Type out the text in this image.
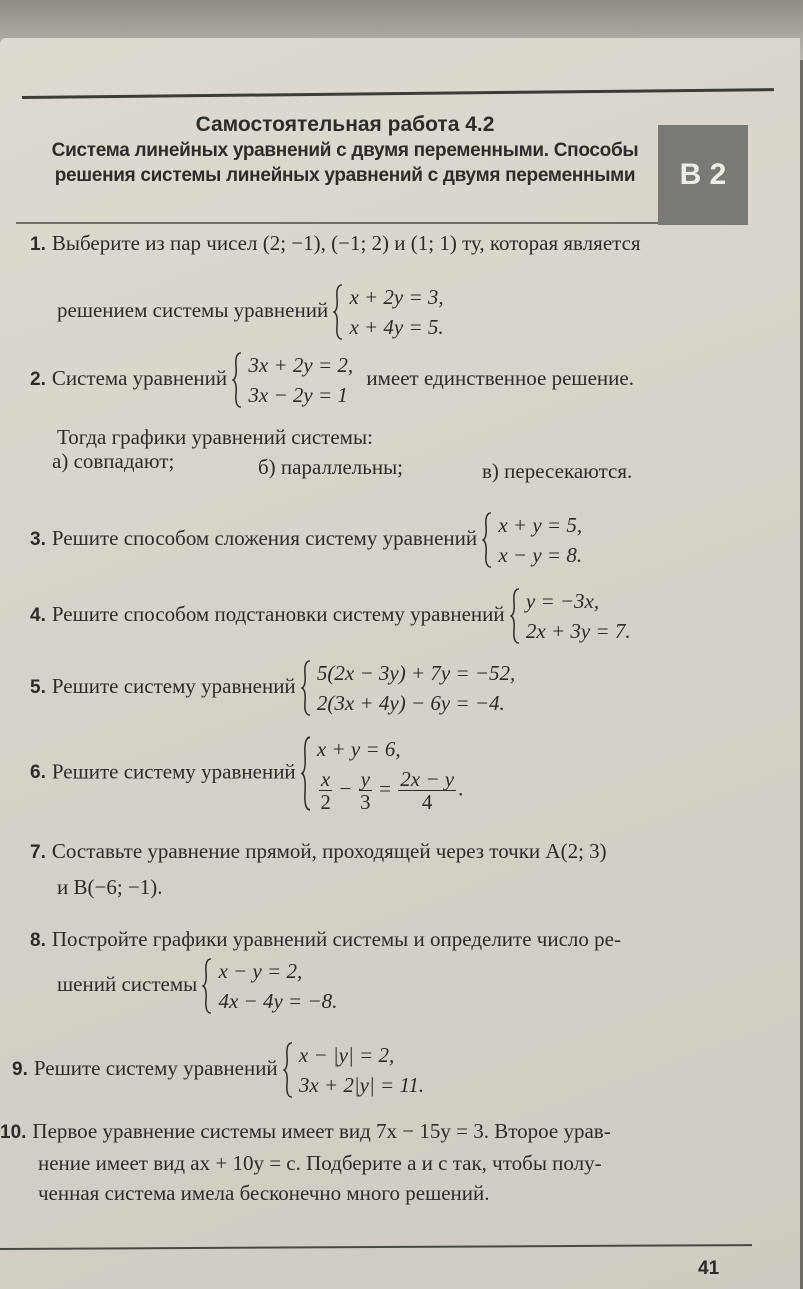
Самостоятельная работа 4.2
Система линейных уравнений с двумя переменными. Способы
решения системы линейных уравнений с двумя переменными	В 2
1. Выберите из пар чисел (2; −1), (−1; 2) и (1; 1) ту, которая является
решением системы уравнений
x + 2y = 3,
x + 4y = 5.
2. Система уравнений
3x + 2y = 2,
3x − 2y = 1
имеет единственное решение.
Тогда графики уравнений системы:
а) совпадают;	б) параллельны;	в) пересекаются.
3. Решите способом сложения систему уравнений
x + y = 5,
x − y = 8.
4. Решите способом подстановки систему уравнений
y = −3x,
2x + 3y = 7.
5. Решите систему уравнений
5(2x − 3y) + 7y = −52,
2(3x + 4y) − 6y = −4.
6. Решите систему уравнений
x + y = 6,
$\frac{x}{2} - \frac{y}{3} = \frac{2x - y}{4}$ .
7. Составьте уравнение прямой, проходящей через точки A(2; 3)
и B(−6; −1).
8. Постройте графики уравнений системы и определите число ре-
шений системы
x − y = 2,
4x − 4y = −8.
9. Решите систему уравнений
x − |y| = 2,
3x + 2|y| = 11.
10. Первое уравнение системы имеет вид 7x − 15y = 3. Второе урав-
нение имеет вид ax + 10y = c. Подберите a и c так, чтобы полу-
ченная система имела бесконечно много решений.
41
